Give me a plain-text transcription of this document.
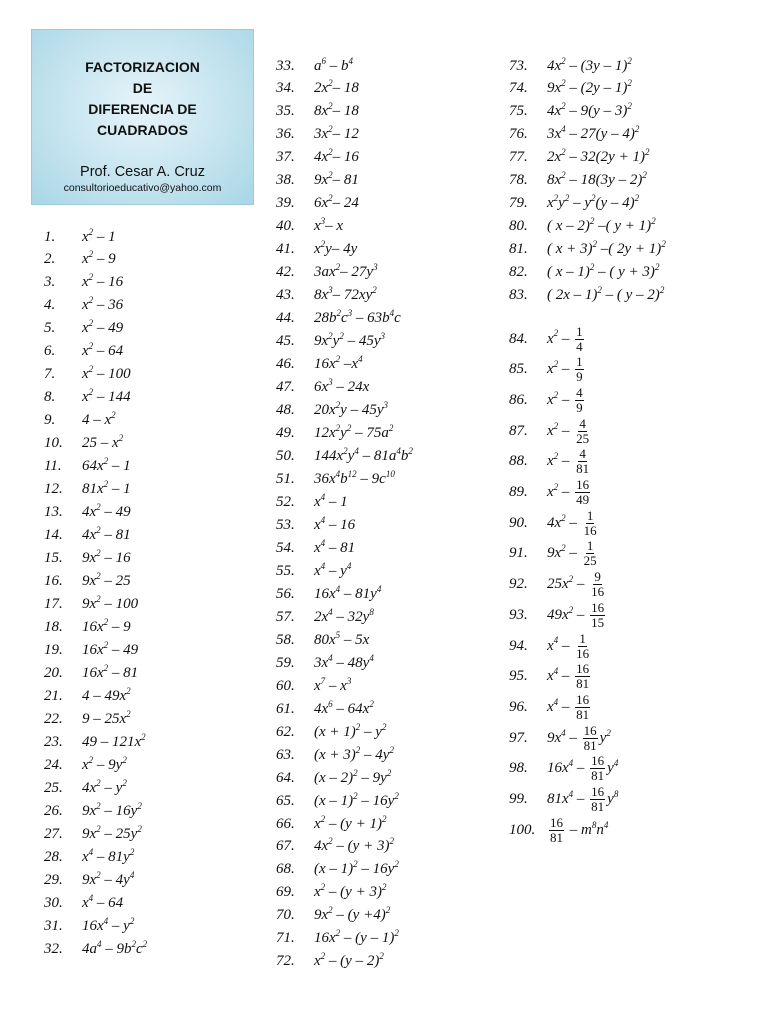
FACTORIZACION
DE
DIFERENCIA DE
CUADRADOS
Prof. Cesar A. Cruz
consultorioeducativo@yahoo.com
1.	$x^2 - 1$
2.	$x^2 - 9$
3.	$x^2 - 16$
4.	$x^2 - 36$
5.	$x^2 - 49$
6.	$x^2 - 64$
7.	$x^2 - 100$
8.	$x^2 - 144$
9.	$4 - x^2$
10.	$25 - x^2$
11.	$64x^2 - 1$
12.	$81x^2 - 1$
13.	$4x^2 - 49$
14.	$4x^2 - 81$
15.	$9x^2 - 16$
16.	$9x^2 - 25$
17.	$9x^2 - 100$
18.	$16x^2 - 9$
19.	$16x^2 - 49$
20.	$16x^2 - 81$
21.	$4 - 49x^2$
22.	$9 - 25x^2$
23.	$49 - 121x^2$
24.	$x^2 - 9y^2$
25.	$4x^2 - y^2$
26.	$9x^2 - 16y^2$
27.	$9x^2 - 25y^2$
28.	$x^4 - 81y^2$
29.	$9x^2 - 4y^4$
30.	$x^4 - 64$
31.	$16x^4 - y^2$
32.	$4a^4 - 9b^2c^2$
33.	$a^6 - b^4$
34.	$2x^2-$ 18
35.	$8x^2-$ 18
36.	$3x^2-$ 12
37.	$4x^2-$ 16
38.	$9x^2-$ 81
39.	$6x^2-$ 24
40.	$x^3-$ x
41.	$x^2y-$ 4y
42.	$3ax^2-$ $27y^3$
43.	$8x^3-$ $72xy^2$
44.	$28b^2c^3 - 63b^4c$
45.	$9x^2y^2 - 45y^3$
46.	$16x^2$ $-x^4$
47.	$6x^3 - 24x$
48.	$20x^2y - 45y^3$
49.	$12x^2y^2 - 75a^2$
50.	$144x^2y^4 - 81a^4b^2$
51.	$36x^4b^{12} - 9c^{10}$
52.	$x^4 - 1$
53.	$x^4 - 16$
54.	$x^4 - 81$
55.	$x^4 - y^4$
56.	$16x^4 - 81y^4$
57.	$2x^4 - 32y^8$
58.	$80x^5 - 5x$
59.	$3x^4 - 48y^4$
60.	$x^7 - x^3$
61.	$4x^6 - 64x^2$
62.	$(x + 1)^2 - y^2$
63.	$(x + 3)^2 - 4y^2$
64.	$(x - 2)^2 - 9y^2$
65.	$(x - 1)^2 - 16y^2$
66.	$x^2 - (y + 1)^2$
67.	$4x^2 - (y + 3)^2$
68.	$(x - 1)^2 - 16y^2$
69.	$x^2 - (y + 3)^2$
70.	$9x^2 - (y +4)^2$
71.	$16x^2 - (y - 1)^2$
72.	$x^2 - (y - 2)^2$
73.	$4x^2 - (3y - 1)^2$
74.	$9x^2 - (2y - 1)^2$
75.	$4x^2 - 9(y - 3)^2$
76.	$3x^4 - 27(y - 4)^2$
77.	$2x^2 - 32(2y + 1)^2$
78.	$8x^2 - 18(3y - 2)^2$
79.	$x^2y^2 - y^2(y - 4)^2$
80.	( x – 2)$^2$ –( y + 1)$^2$
81.	( x + 3)$^2$ –( 2y + 1)$^2$
82.	( x – 1)$^2$ – ( y + 3)$^2$
83.	( 2x – 1)$^2$ – ( y – 2)$^2$
84.	$x^2 - \frac{1}{4}$
85.	$x^2 - \frac{1}{9}$
86.	$x^2 - \frac{4}{9}$
87.	$x^2 - \frac{4}{25}$
88.	$x^2 - \frac{4}{81}$
89.	$x^2 - \frac{16}{49}$
90.	$4x^2 - \frac{1}{16}$
91.	$9x^2 - \frac{1}{25}$
92.	$25x^2 - \frac{9}{16}$
93.	$49x^2 - \frac{16}{15}$
94.	$x^4 - \frac{1}{16}$
95.	$x^4 - \frac{16}{81}$
96.	$x^4 - \frac{16}{81}$
97.	$9x^4 - \frac{16}{81} y^2$
98.	$16x^4 - \frac{16}{81} y^4$
99.	$81x^4 - \frac{16}{81} y^8$
100.	$\frac{16}{81} - m^8n^4$
